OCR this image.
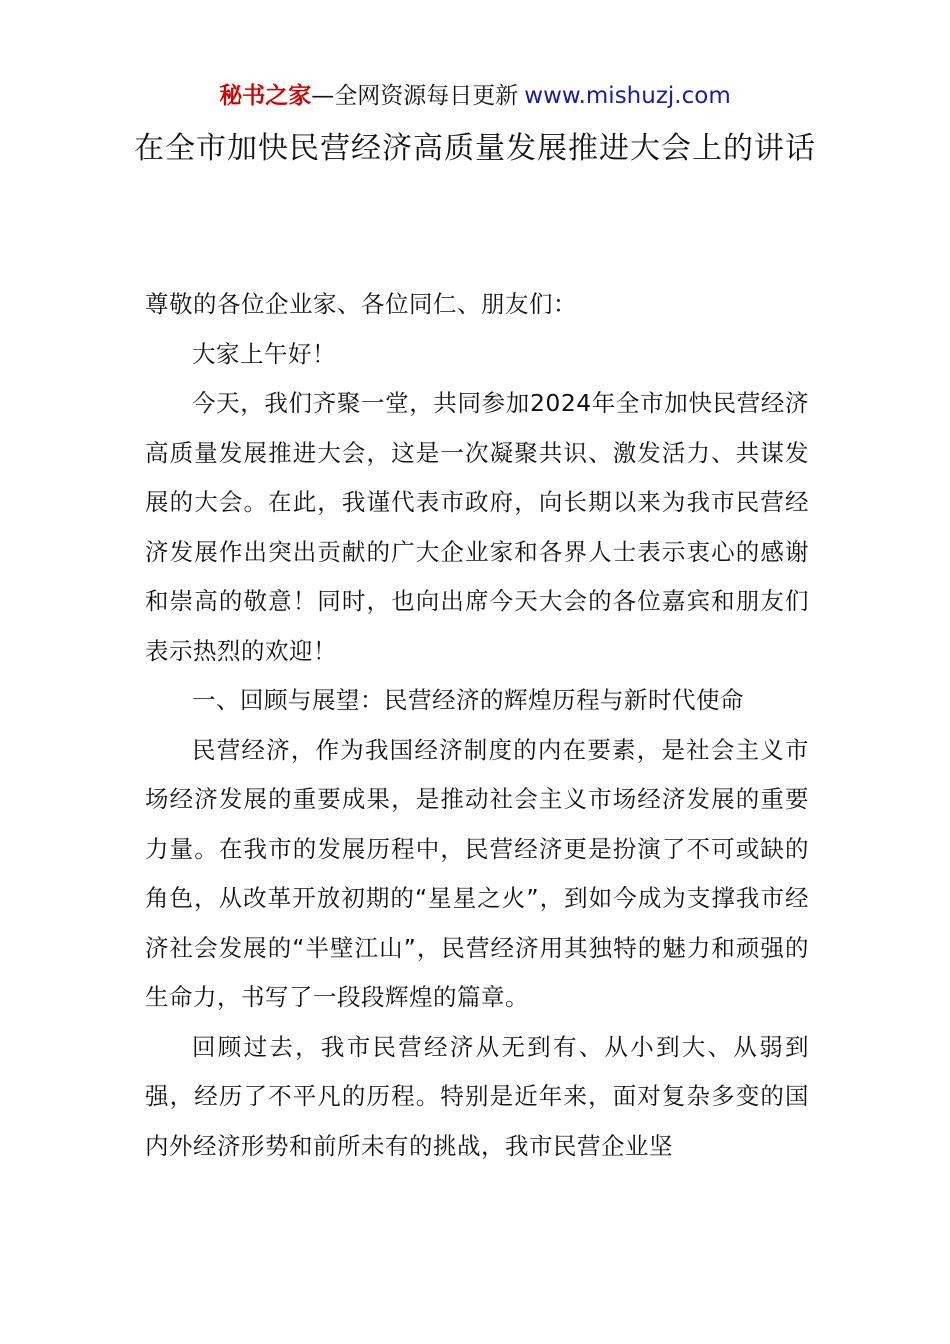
秘书之家—全网资源每日更新 www.mishuzj.com
在全市加快民营经济高质量发展推进大会上的讲话

尊敬的各位企业家、各位同仁、朋友们：

大家上午好！

今天，我们齐聚一堂，共同参加2024年全市加快民营经济高质量发展推进大会，这是一次凝聚共识、激发活力、共谋发展的大会。在此，我谨代表市政府，向长期以来为我市民营经济发展作出突出贡献的广大企业家和各界人士表示衷心的感谢和崇高的敬意！同时，也向出席今天大会的各位嘉宾和朋友们表示热烈的欢迎！

一、回顾与展望：民营经济的辉煌历程与新时代使命

民营经济，作为我国经济制度的内在要素，是社会主义市场经济发展的重要成果，是推动社会主义市场经济发展的重要力量。在我市的发展历程中，民营经济更是扮演了不可或缺的角色，从改革开放初期的“星星之火”，到如今成为支撑我市经济社会发展的“半壁江山”，民营经济用其独特的魅力和顽强的生命力，书写了一段段辉煌的篇章。

回顾过去，我市民营经济从无到有、从小到大、从弱到强，经历了不平凡的历程。特别是近年来，面对复杂多变的国内外经济形势和前所未有的挑战，我市民营企业坚
